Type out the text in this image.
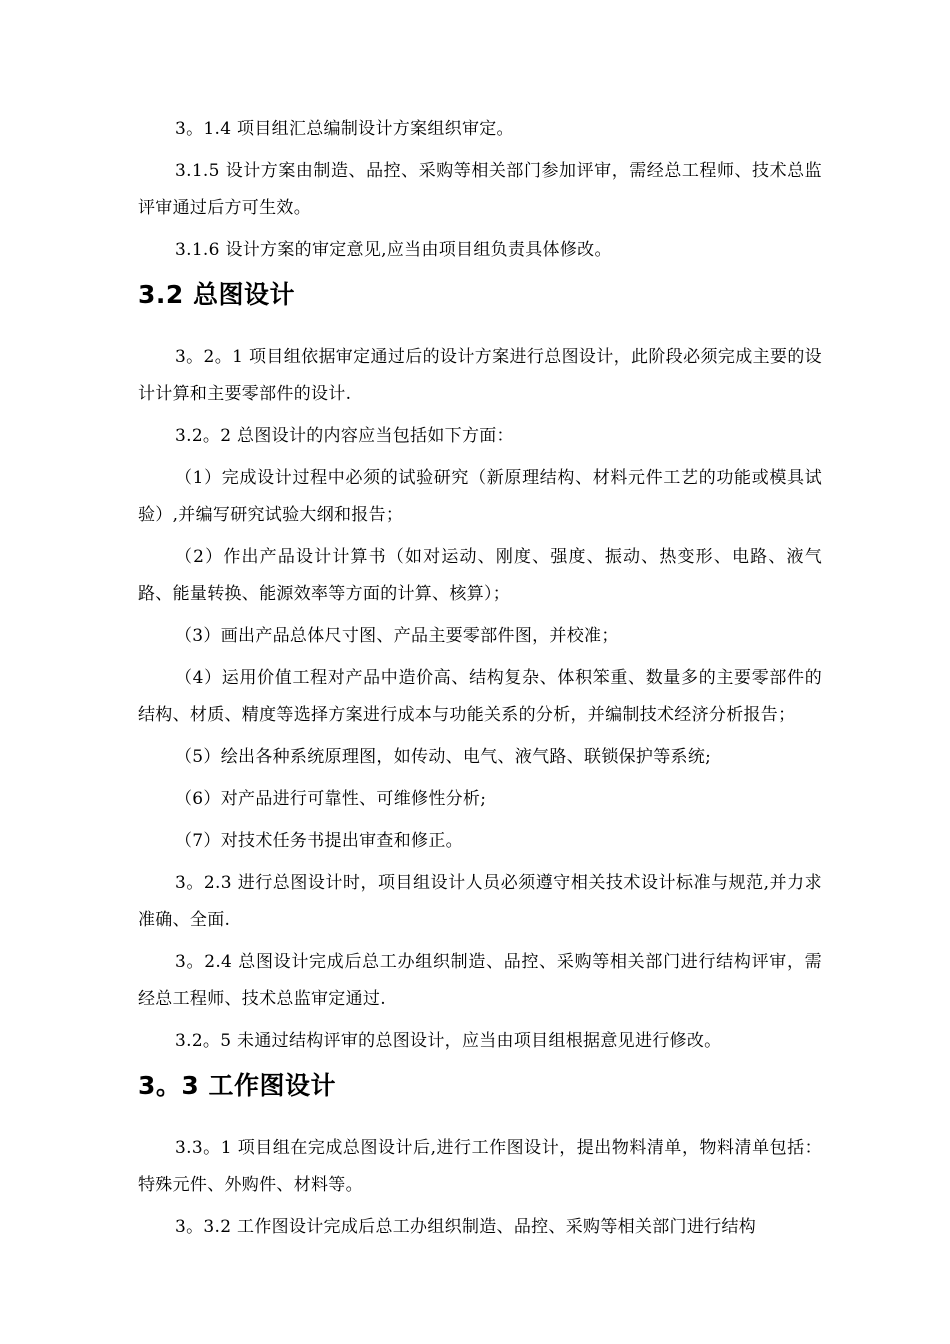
3。1.4 项目组汇总编制设计方案组织审定。

3.1.5 设计方案由制造、品控、采购等相关部门参加评审，需经总工程师、技术总监评审通过后方可生效。

3.1.6 设计方案的审定意见,应当由项目组负责具体修改。

3.2 总图设计

3。2。1 项目组依据审定通过后的设计方案进行总图设计，此阶段必须完成主要的设计计算和主要零部件的设计.

3.2。2 总图设计的内容应当包括如下方面：

（1）完成设计过程中必须的试验研究（新原理结构、材料元件工艺的功能或模具试验）,并编写研究试验大纲和报告；

（2）作出产品设计计算书（如对运动、刚度、强度、振动、热变形、电路、液气路、能量转换、能源效率等方面的计算、核算）；

（3）画出产品总体尺寸图、产品主要零部件图，并校准；

（4）运用价值工程对产品中造价高、结构复杂、体积笨重、数量多的主要零部件的结构、材质、精度等选择方案进行成本与功能关系的分析，并编制技术经济分析报告；

（5）绘出各种系统原理图，如传动、电气、液气路、联锁保护等系统;

（6）对产品进行可靠性、可维修性分析;

（7）对技术任务书提出审查和修正。

3。2.3 进行总图设计时，项目组设计人员必须遵守相关技术设计标准与规范,并力求准确、全面.

3。2.4 总图设计完成后总工办组织制造、品控、采购等相关部门进行结构评审，需经总工程师、技术总监审定通过.

3.2。5 未通过结构评审的总图设计，应当由项目组根据意见进行修改。

3。3 工作图设计

3.3。1 项目组在完成总图设计后,进行工作图设计，提出物料清单，物料清单包括：特殊元件、外购件、材料等。

3。3.2 工作图设计完成后总工办组织制造、品控、采购等相关部门进行结构
